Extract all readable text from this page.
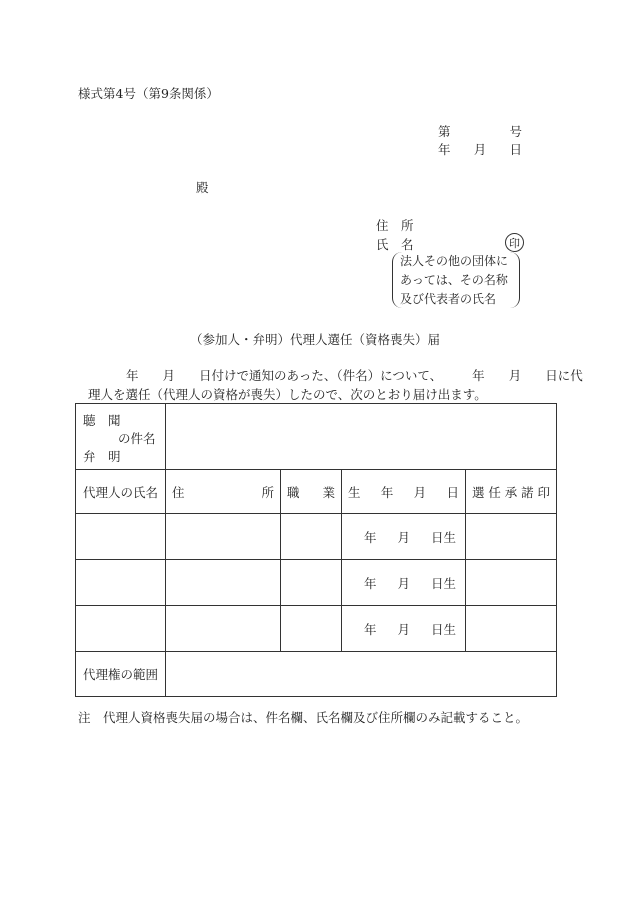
様式第4号（第9条関係）
第	号
年 月 日
殿
住　 所
氏　 名	印
法人その他の団体に
あっては、その名称
及び代表者の氏名
（参加人・弁明）代理人選任（資格喪失）届
年 月 日付けで通知のあった、（件名）について、 年 月 日に代
理人を選任（代理人の資格が喪失）したので、次のとおり届け出ます。
聴　聞
の件名
弁　明				

代理人の氏名	住 所	職 業	生 年 月 日	選 任 承 諾 印

			年 月 日生	

			年 月 日生	

			年 月 日生	

代理権の範囲				
注　代理人資格喪失届の場合は、件名欄、氏名欄及び住所欄のみ記載すること。
